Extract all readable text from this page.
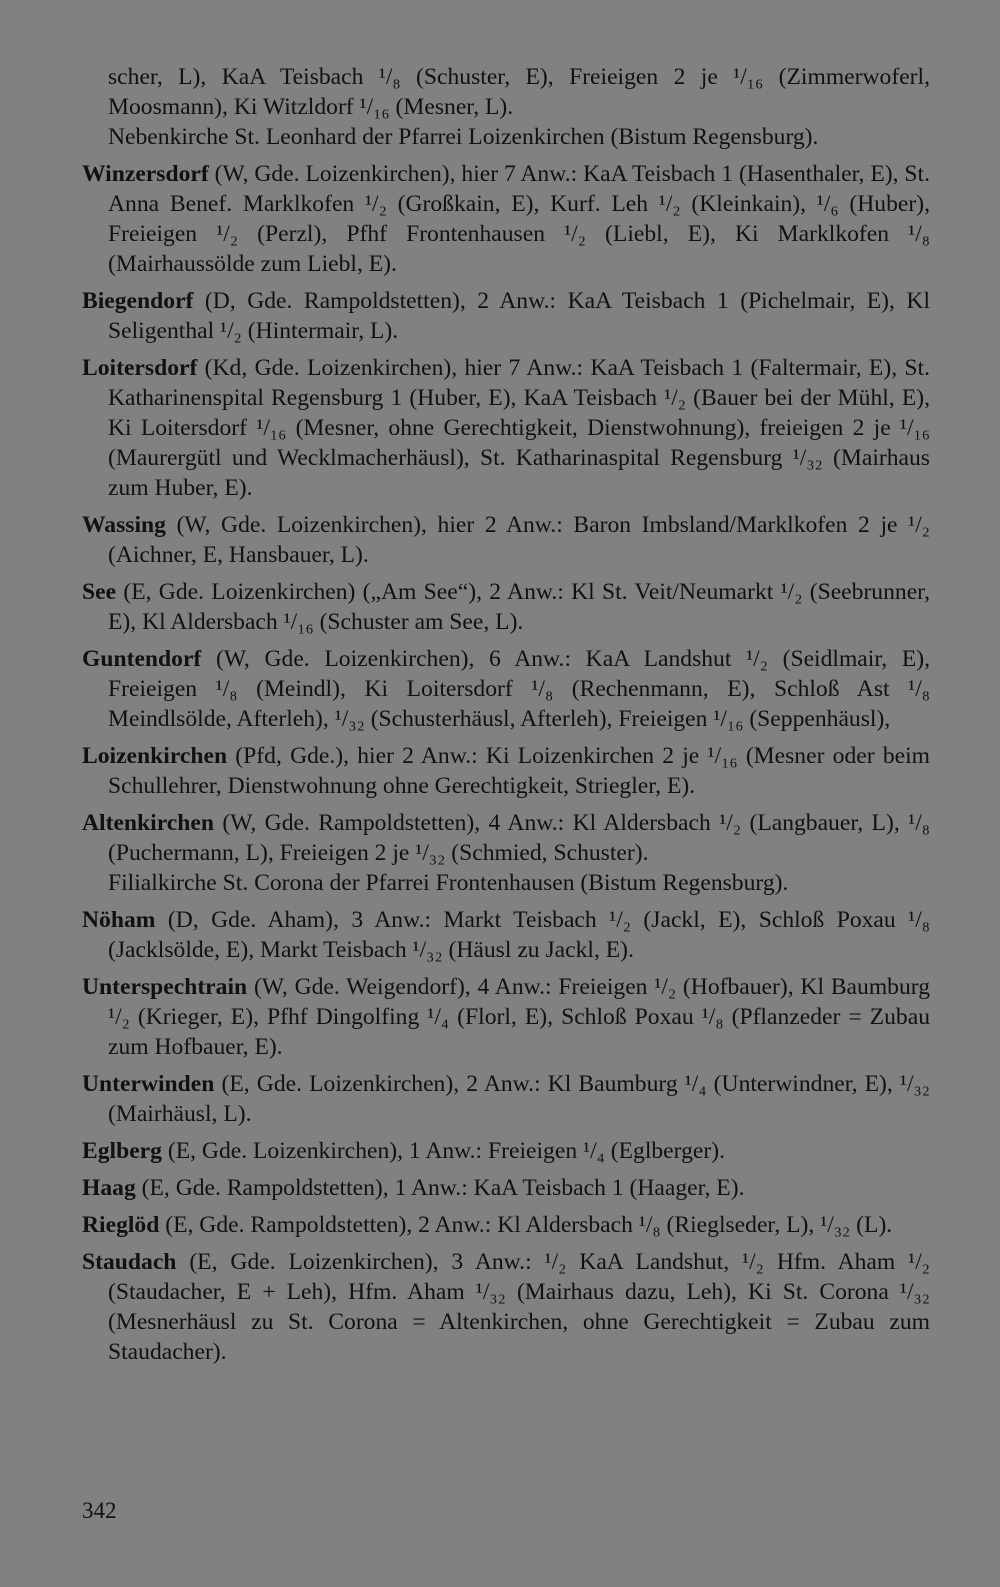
scher, L), KaA Teisbach ¹/₈ (Schuster, E), Freieigen 2 je ¹/₁₆ (Zimmerwoferl, Moosmann), Ki Witzldorf ¹/₁₆ (Mesner, L).

Nebenkirche St. Leonhard der Pfarrei Loizenkirchen (Bistum Regensburg).

Winzersdorf (W, Gde. Loizenkirchen), hier 7 Anw.: KaA Teisbach 1 (Hasenthaler, E), St. Anna Benef. Marklkofen ¹/₂ (Großkain, E), Kurf. Leh ¹/₂ (Kleinkain), ¹/₆ (Huber), Freieigen ¹/₂ (Perzl), Pfhf Frontenhausen ¹/₂ (Liebl, E), Ki Marklkofen ¹/₈ (Mairhaussölde zum Liebl, E).

Biegendorf (D, Gde. Rampoldstetten), 2 Anw.: KaA Teisbach 1 (Pichelmair, E), Kl Seligenthal ¹/₂ (Hintermair, L).

Loitersdorf (Kd, Gde. Loizenkirchen), hier 7 Anw.: KaA Teisbach 1 (Faltermair, E), St. Katharinenspital Regensburg 1 (Huber, E), KaA Teisbach ¹/₂ (Bauer bei der Mühl, E), Ki Loitersdorf ¹/₁₆ (Mesner, ohne Gerechtigkeit, Dienstwohnung), freieigen 2 je ¹/₁₆ (Maurergütl und Wecklmacherhäusl), St. Katharinaspital Regensburg ¹/₃₂ (Mairhaus zum Huber, E).

Wassing (W, Gde. Loizenkirchen), hier 2 Anw.: Baron Imbsland/Marklkofen 2 je ¹/₂ (Aichner, E, Hansbauer, L).

See (E, Gde. Loizenkirchen) („Am See“), 2 Anw.: Kl St. Veit/Neumarkt ¹/₂ (Seebrunner, E), Kl Aldersbach ¹/₁₆ (Schuster am See, L).

Guntendorf (W, Gde. Loizenkirchen), 6 Anw.: KaA Landshut ¹/₂ (Seidlmair, E), Freieigen ¹/₈ (Meindl), Ki Loitersdorf ¹/₈ (Rechenmann, E), Schloß Ast ¹/₈ Meindlsölde, Afterleh), ¹/₃₂ (Schusterhäusl, Afterleh), Freieigen ¹/₁₆ (Seppenhäusl),

Loizenkirchen (Pfd, Gde.), hier 2 Anw.: Ki Loizenkirchen 2 je ¹/₁₆ (Mesner oder beim Schullehrer, Dienstwohnung ohne Gerechtigkeit, Striegler, E).

Altenkirchen (W, Gde. Rampoldstetten), 4 Anw.: Kl Aldersbach ¹/₂ (Langbauer, L), ¹/₈ (Puchermann, L), Freieigen 2 je ¹/₃₂ (Schmied, Schuster).

Filialkirche St. Corona der Pfarrei Frontenhausen (Bistum Regensburg).

Nöham (D, Gde. Aham), 3 Anw.: Markt Teisbach ¹/₂ (Jackl, E), Schloß Poxau ¹/₈ (Jacklsölde, E), Markt Teisbach ¹/₃₂ (Häusl zu Jackl, E).

Unterspechtrain (W, Gde. Weigendorf), 4 Anw.: Freieigen ¹/₂ (Hofbauer), Kl Baumburg ¹/₂ (Krieger, E), Pfhf Dingolfing ¹/₄ (Florl, E), Schloß Poxau ¹/₈ (Pflanzeder = Zubau zum Hofbauer, E).

Unterwinden (E, Gde. Loizenkirchen), 2 Anw.: Kl Baumburg ¹/₄ (Unterwindner, E), ¹/₃₂ (Mairhäusl, L).

Eglberg (E, Gde. Loizenkirchen), 1 Anw.: Freieigen ¹/₄ (Eglberger).

Haag (E, Gde. Rampoldstetten), 1 Anw.: KaA Teisbach 1 (Haager, E).

Rieglöd (E, Gde. Rampoldstetten), 2 Anw.: Kl Aldersbach ¹/₈ (Rieglseder, L), ¹/₃₂ (L).

Staudach (E, Gde. Loizenkirchen), 3 Anw.: ¹/₂ KaA Landshut, ¹/₂ Hfm. Aham ¹/₂ (Staudacher, E + Leh), Hfm. Aham ¹/₃₂ (Mairhaus dazu, Leh), Ki St. Corona ¹/₃₂ (Mesnerhäusl zu St. Corona = Altenkirchen, ohne Gerechtigkeit = Zubau zum Staudacher).

342
